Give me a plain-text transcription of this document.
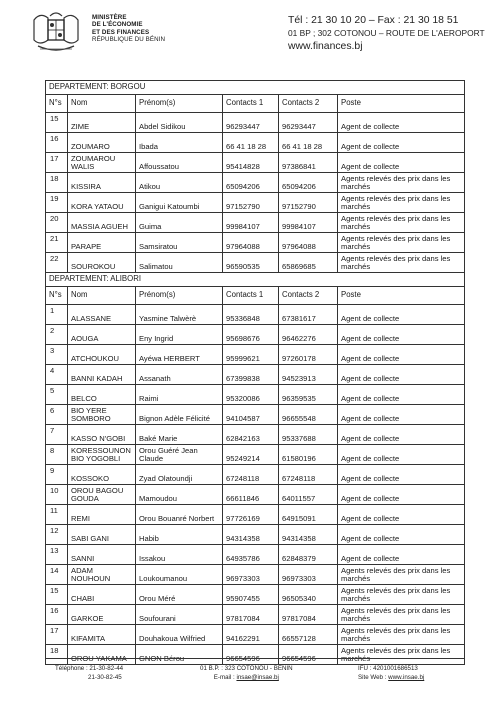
MINISTÈRE
DE L'ÉCONOMIE
ET DES FINANCES
RÉPUBLIQUE DU BÉNIN
Tél : 21 30 10 20 – Fax : 21 30 18 51
01 BP ; 302 COTONOU – ROUTE DE L'AEROPORT
www.finances.bj
DEPARTEMENT: BORGOU					
N°s	Nom	Prénom(s)	Contacts 1	Contacts 2	Poste
15	ZIME	Abdel Sidikou	96293447	96293447	Agent de collecte
16	ZOUMARO	Ibada	66 41 18 28	66 41 18 28	Agent de collecte
17	ZOUMAROU WALIS	Affoussatou	95414828	97386841	Agent de collecte
18	KISSIRA	Atikou	65094206	65094206	Agents relevés des prix dans les marchés
19	KORA YATAOU	Ganigui Katoumbi	97152790	97152790	Agents relevés des prix dans les marchés
20	MASSIA AGUEH	Guima	99984107	99984107	Agents relevés des prix dans les marchés
21	PARAPE	Samsiratou	97964088	97964088	Agents relevés des prix dans les marchés
22	SOUROKOU	Salimatou	96590535	65869685	Agents relevés des prix dans les marchés
DEPARTEMENT: ALIBORI					
N°s	Nom	Prénom(s)	Contacts 1	Contacts 2	Poste
1	ALASSANE	Yasmine Talwèrè	95336848	67381617	Agent de collecte
2	AOUGA	Eny Ingrid	95698676	96462276	Agent de collecte
3	ATCHOUKOU	Ayéwa HERBERT	95999621	97260178	Agent de collecte
4	BANNI KADAH	Assanath	67399838	94523913	Agent de collecte
5	BELCO	Raimi	95320086	96359535	Agent de collecte
6	BIO YERE SOMBORO	Bignon Adèle Félicité	94104587	96655548	Agent de collecte
7	KASSO N'GOBI	Baké Marie	62842163	95337688	Agent de collecte
8	KORESSOUNON BIO YOGOBLI	Orou Guéré Jean Claude	95249214	61580196	Agent de collecte
9	KOSSOKO	Zyad Olatoundji	67248118	67248118	Agent de collecte
10	OROU BAGOU GOUDA	Mamoudou	66611846	64011557	Agent de collecte
11	REMI	Orou Bouanré Norbert	97726169	64915091	Agent de collecte
12	SABI GANI	Habib	94314358	94314358	Agent de collecte
13	SANNI	Issakou	64935786	62848379	Agent de collecte
14	ADAM NOUHOUN	Loukoumanou	96973303	96973303	Agents relevés des prix dans les marchés
15	CHABI	Orou Méré	95907455	96505340	Agents relevés des prix dans les marchés
16	GARKOE	Soufourani	97817084	97817084	Agents relevés des prix dans les marchés
17	KIFAMITA	Douhakoua Wilfried	94162291	66557128	Agents relevés des prix dans les marchés
18	OROU YAKAMA	GNON Bérou	96654596	96654596	Agents relevés des prix dans les marchés
Téléphone : 21-30-82-44
21-30-82-45
01 B.P. : 323 COTONOU - BENIN
E-mail : insae@insae.bj
IFU : 4201001686513
Site Web : www.insae.bj
